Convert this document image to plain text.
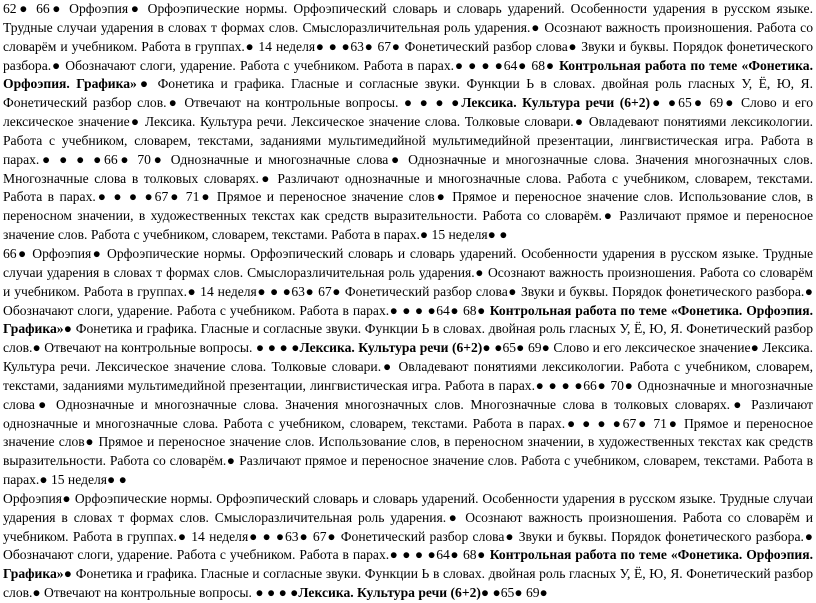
62● 66● Орфоэпия● Орфоэпические нормы. Орфоэпический словарь и словарь ударений. Особенности ударения в русском языке. Трудные случаи ударения в словах т формах слов. Смыслоразличительная роль ударения.● Осознают важность произношения. Работа со словарём и учебником. Работа в группах.● 14 неделя● ● ●63● 67● Фонетический разбор слова● Звуки и буквы. Порядок фонетического разбора.● Обозначают слоги, ударение. Работа с учебником. Работа в парах.● ● ● ●64● 68● Контрольная работа по теме «Фонетика. Орфоэпия. Графика»● Фонетика и графика. Гласные и согласные звуки. Функции Ь в словах. двойная роль гласных У, Ё, Ю, Я. Фонетический разбор слов.● Отвечают на контрольные вопросы. ● ● ● ●Лексика. Культура речи (6+2)● ●65● 69● Слово и его лексическое значение● Лексика. Культура речи. Лексическое значение слова. Толковые словари.● Овладевают понятиями лексикологии. Работа с учебником, словарем, текстами, заданиями мультимедийной мультимедийной презентации, лингвистическая игра. Работа в парах.● ● ● ●66● 70● Однозначные и многозначные слова● Однозначные и многозначные слова. Значения многозначных слов. Многозначные слова в толковых словарях.● Различают однозначные и многозначные слова. Работа с учебником, словарем, текстами. Работа в парах.● ● ● ●67● 71● Прямое и переносное значение слов● Прямое и переносное значение слов. Использование слов, в переносном значении, в художественных текстах как средств выразительности. Работа со словарём.● Различают прямое и переносное значение слов. Работа с учебником, словарем, текстами. Работа в парах.● 15 неделя● ●

66● Орфоэпия● Орфоэпические нормы. Орфоэпический словарь и словарь ударений. Особенности ударения в русском языке. Трудные случаи ударения в словах т формах слов. Смыслоразличительная роль ударения.● Осознают важность произношения. Работа со словарём и учебником. Работа в группах.● 14 неделя● ● ●63● 67● Фонетический разбор слова● Звуки и буквы. Порядок фонетического разбора.● Обозначают слоги, ударение. Работа с учебником. Работа в парах.● ● ● ●64● 68● Контрольная работа по теме «Фонетика. Орфоэпия. Графика»● Фонетика и графика. Гласные и согласные звуки. Функции Ь в словах. двойная роль гласных У, Ё, Ю, Я. Фонетический разбор слов.● Отвечают на контрольные вопросы. ● ● ● ●Лексика. Культура речи (6+2)● ●65● 69● Слово и его лексическое значение● Лексика. Культура речи. Лексическое значение слова. Толковые словари.● Овладевают понятиями лексикологии. Работа с учебником, словарем, текстами, заданиями мультимедийной презентации, лингвистическая игра. Работа в парах.● ● ● ●66● 70● Однозначные и многозначные слова● Однозначные и многозначные слова. Значения многозначных слов. Многозначные слова в толковых словарях.● Различают однозначные и многозначные слова. Работа с учебником, словарем, текстами. Работа в парах.● ● ● ●67● 71● Прямое и переносное значение слов● Прямое и переносное значение слов. Использование слов, в переносном значении, в художественных текстах как средств выразительности. Работа со словарём.● Различают прямое и переносное значение слов. Работа с учебником, словарем, текстами. Работа в парах.● 15 неделя● ●

Орфоэпия● Орфоэпические нормы. Орфоэпический словарь и словарь ударений. Особенности ударения в русском языке. Трудные случаи ударения в словах т формах слов. Смыслоразличительная роль ударения.● Осознают важность произношения. Работа со словарём и учебником. Работа в группах.● 14 неделя● ● ●63● 67● Фонетический разбор слова● Звуки и буквы. Порядок фонетического разбора.● Обозначают слоги, ударение. Работа с учебником. Работа в парах.● ● ● ●64● 68● Контрольная работа по теме «Фонетика. Орфоэпия. Графика»● Фонетика и графика. Гласные и согласные звуки. Функции Ь в словах. двойная роль гласных У, Ё, Ю, Я. Фонетический разбор слов.● Отвечают на контрольные вопросы. ● ● ● ●Лексика. Культура речи (6+2)● ●65● 69●
